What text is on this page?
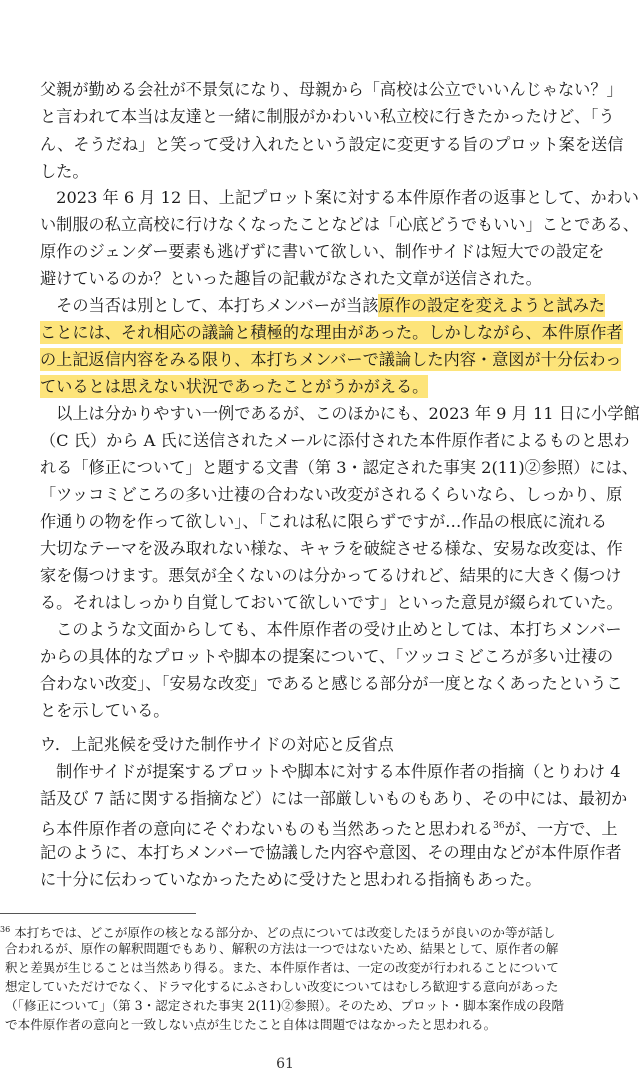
父親が勤める会社が不景気になり、母親から「高校は公立でいいんじゃない？」
と言われて本当は友達と一緒に制服がかわいい私立校に行きたかったけど、「う
ん、そうだね」と笑って受け入れたという設定に変更する旨のプロット案を送信
した。
　2023 年 6 月 12 日、上記プロット案に対する本件原作者の返事として、かわい
い制服の私立高校に行けなくなったことなどは「心底どうでもいい」ことである、
原作のジェンダー要素も逃げずに書いて欲しい、制作サイドは短大での設定を
避けているのか？といった趣旨の記載がなされた文章が送信された。
　その当否は別として、本打ちメンバーが当該原作の設定を変えようと試みた
ことには、それ相応の議論と積極的な理由があった。しかしながら、本件原作者
の上記返信内容をみる限り、本打ちメンバーで議論した内容・意図が十分伝わっ
ているとは思えない状況であったことがうかがえる。
　以上は分かりやすい一例であるが、このほかにも、2023 年 9 月 11 日に小学館
（C 氏）から A 氏に送信されたメールに添付された本件原作者によるものと思わ
れる「修正について」と題する文書（第 3・認定された事実 2(11)②参照）には、
「ツッコミどころの多い辻褄の合わない改変がされるくらいなら、しっかり、原
作通りの物を作って欲しい」、「これは私に限らずですが…作品の根底に流れる
大切なテーマを汲み取れない様な、キャラを破綻させる様な、安易な改変は、作
家を傷つけます。悪気が全くないのは分かってるけれど、結果的に大きく傷つけ
る。それはしっかり自覚しておいて欲しいです」といった意見が綴られていた。
　このような文面からしても、本件原作者の受け止めとしては、本打ちメンバー
からの具体的なプロットや脚本の提案について、「ツッコミどころが多い辻褄の
合わない改変」、「安易な改変」であると感じる部分が一度となくあったというこ
とを示している。
ウ．上記兆候を受けた制作サイドの対応と反省点
　制作サイドが提案するプロットや脚本に対する本件原作者の指摘（とりわけ 4
話及び 7 話に関する指摘など）には一部厳しいものもあり、その中には、最初か
ら本件原作者の意向にそぐわないものも当然あったと思われる$^{36}$が、一方で、上
記のように、本打ちメンバーで協議した内容や意図、その理由などが本件原作者
に十分に伝わっていなかったために受けたと思われる指摘もあった。
$^{36}$ 本打ちでは、どこが原作の核となる部分か、どの点については改変したほうが良いのか等が話し
合われるが、原作の解釈問題でもあり、解釈の方法は一つではないため、結果として、原作者の解
釈と差異が生じることは当然あり得る。また、本件原作者は、一定の改変が行われることについて
想定していただけでなく、ドラマ化するにふさわしい改変についてはむしろ歓迎する意向があった
（「修正について」（第 3・認定された事実 2(11)②参照）。そのため、プロット・脚本案作成の段階
で本件原作者の意向と一致しない点が生じたこと自体は問題ではなかったと思われる。
61
